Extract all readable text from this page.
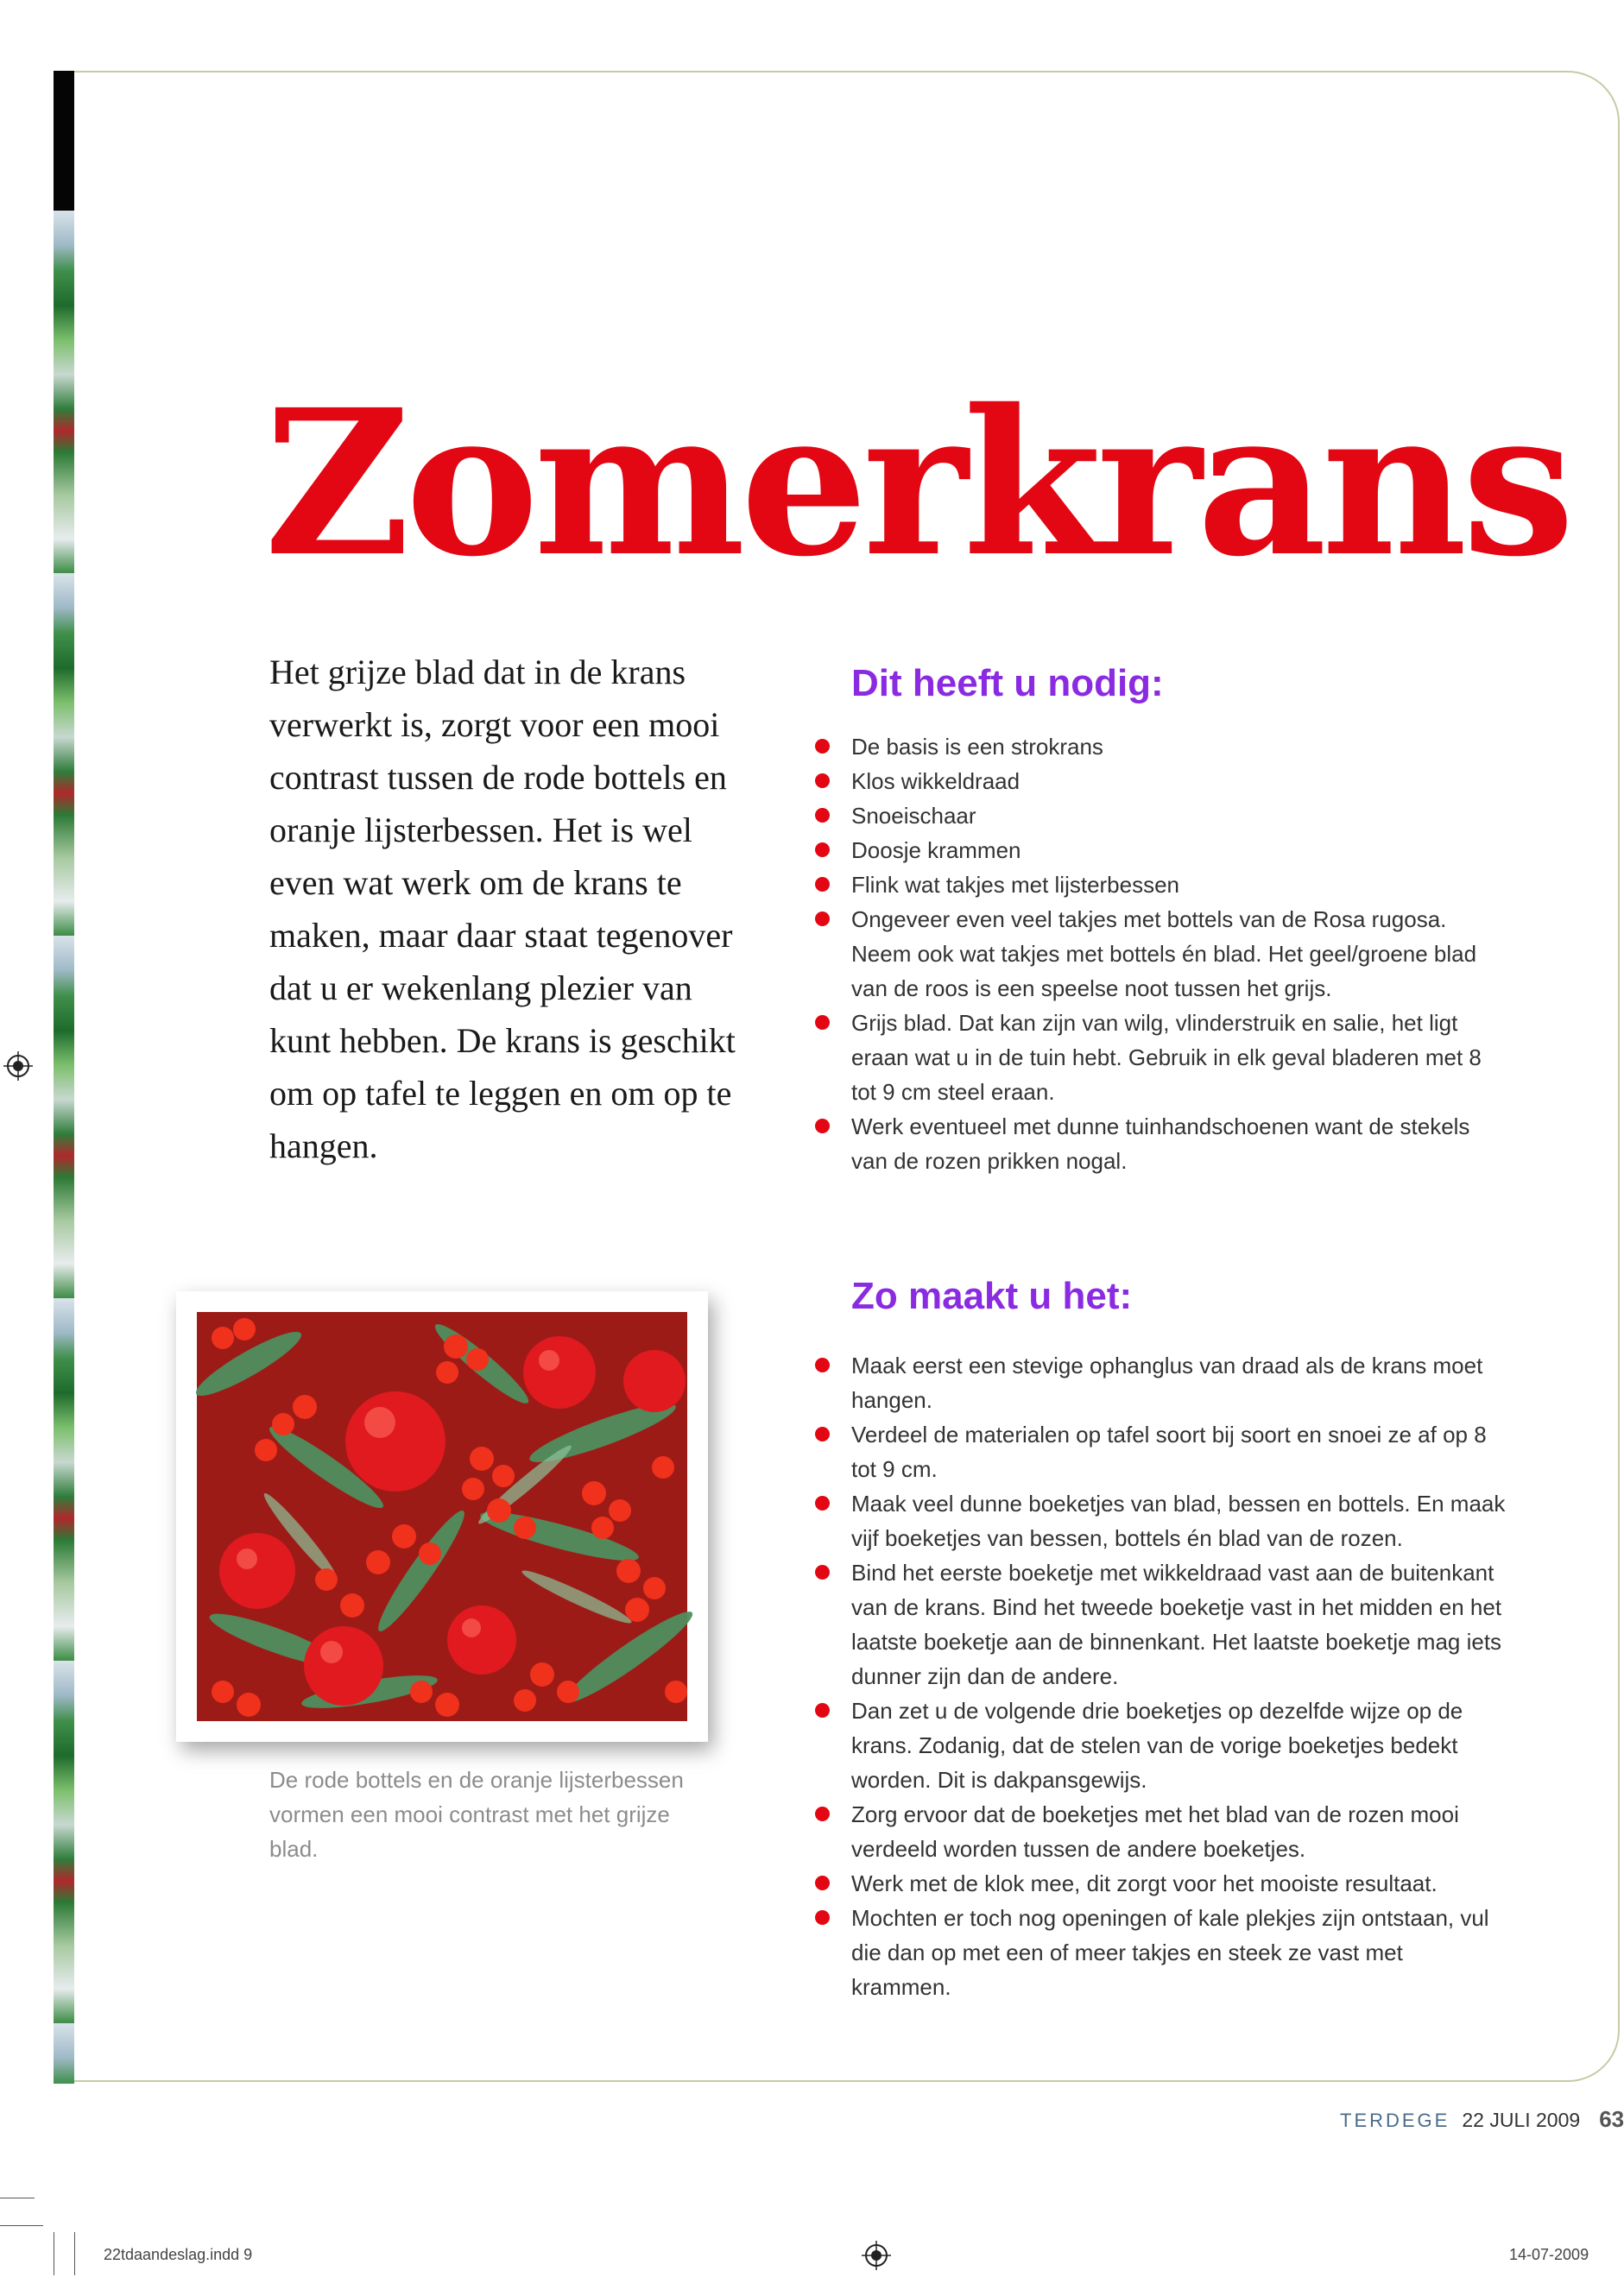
Zomerkrans
Het grijze blad dat in de krans verwerkt is, zorgt voor een mooi contrast tussen de rode bottels en oranje lijsterbessen. Het is wel even wat werk om de krans te maken, maar daar staat tegenover dat u er wekenlang plezier van kunt hebben. De krans is geschikt om op tafel te leggen en om op te hangen.
Dit heeft u nodig:
De basis is een strokrans
Klos wikkeldraad
Snoeischaar
Doosje krammen
Flink wat takjes met lijsterbessen
Ongeveer even veel takjes met bottels van de Rosa rugosa. Neem ook wat takjes met bottels én blad. Het geel/groene blad van de roos is een speelse noot tussen het grijs.
Grijs blad. Dat kan zijn van wilg, vlinderstruik en salie, het ligt eraan wat u in de tuin hebt. Gebruik in elk geval bladeren met 8 tot 9 cm steel eraan.
Werk eventueel met dunne tuinhandschoenen want de stekels van de rozen prikken nogal.
Zo maakt u het:
Maak eerst een stevige ophanglus van draad als de krans moet hangen.
Verdeel de materialen op tafel soort bij soort en snoei ze af op 8 tot 9 cm.
Maak veel dunne boeketjes van blad, bessen en bottels. En maak vijf boeketjes van bessen, bottels én blad van de rozen.
Bind het eerste boeketje met wikkeldraad vast aan de buitenkant van de krans. Bind het tweede boeketje vast in het midden en het laatste boeketje aan de binnenkant. Het laatste boeketje mag iets dunner zijn dan de andere.
Dan zet u de volgende drie boeketjes op dezelfde wijze op de krans. Zodanig, dat de stelen van de vorige boeketjes bedekt worden. Dit is dakpansgewijs.
Zorg ervoor dat de boeketjes met het blad van de rozen mooi verdeeld worden tussen de andere boeketjes.
Werk met de klok mee, dit zorgt voor het mooiste resultaat.
Mochten er toch nog openingen of kale plekjes zijn ontstaan, vul die dan op met een of meer takjes en steek ze vast met krammen.
De rode bottels en de oranje lijsterbessen vormen een mooi contrast met het grijze blad.
TERDEGE 22 JULI 2009 63
22tdaandeslag.indd 9	14-07-2009
